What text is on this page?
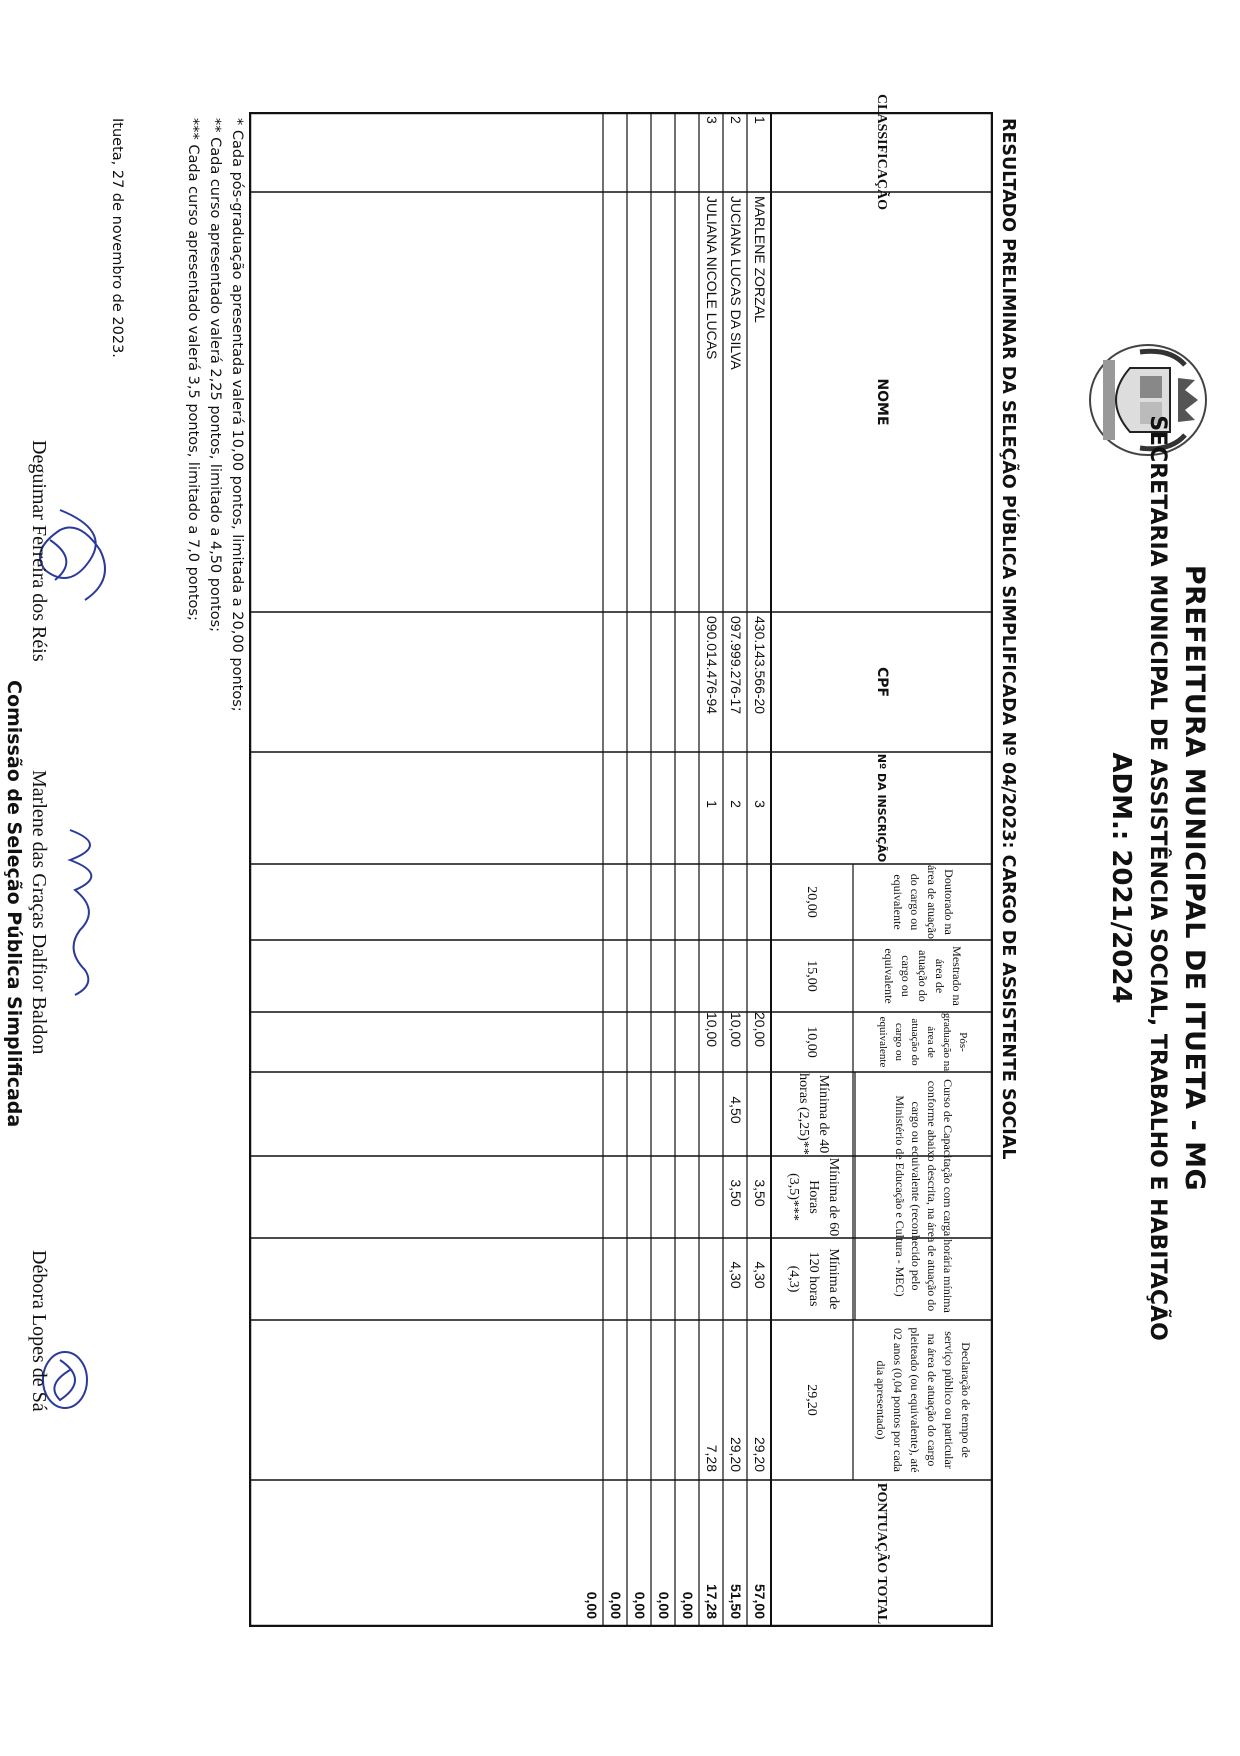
PREFEITURA MUNICIPAL DE ITUETA - MG
SECRETARIA MUNICIPAL DE ASSISTÊNCIA SOCIAL, TRABALHO E HABITAÇÃO
ADM.: 2021/2024
RESULTADO PRELIMINAR DA SELEÇÃO PÚBLICA SIMPLIFICADA Nº 04/2023: CARGO DE ASSISTENTE SOCIAL
CLASSIFICAÇÃO
NOME
CPF
Nº DA INSCRIÇÃO
Doutorado na área de atuação do cargo ou equivalente
Mestrado na área de atuação do cargo ou equivalente
Pós-graduação na área de atuação do cargo ou equivalente
Curso de Capacitação com carga horária mínima conforme abaixo descrita, na área de atuação do cargo ou equivalente (reconhecido pelo Ministério de Educação e Cultura - MEC)
Declaração de tempo de serviço público ou particular na área de atuação do cargo pleiteado (ou equivalente), até 02 anos (0,04 pontos por cada dia apresentado)
PONTUAÇÃO TOTAL
20,00
15,00
10,00
Mínima de 40 horas (2,25)**
Mínima de 60 Horas (3,5)***
Mínima de 120 horas (4,3)
29,20
1
MARLENE ZORZAL
430.143.566-20
3
20,00
3,50
4,30
29,20
57,00
2
JUCIANA LUCAS DA SILVA
097.999.276-17
2
10,00
4,50
3,50
4,30
29,20
51,50
3
JULIANA NICOLE LUCAS
090.014.476-94
1
10,00
7,28
17,28
0,00
0,00
0,00
0,00
0,00
* Cada pós-graduação apresentada valerá 10,00 pontos, limitada a 20,00 pontos;
** Cada curso apresentado valerá 2,25 pontos, limitado a 4,50 pontos;
*** Cada curso apresentado valerá 3,5 pontos, limitado a 7,0 pontos;
Itueta, 27 de novembro de 2023.
Deguimar Ferreira dos Réis
Marlene das Graças Dalfior Baldon
Débora Lopes de Sá
Comissão de Seleção Pública Simplificada
